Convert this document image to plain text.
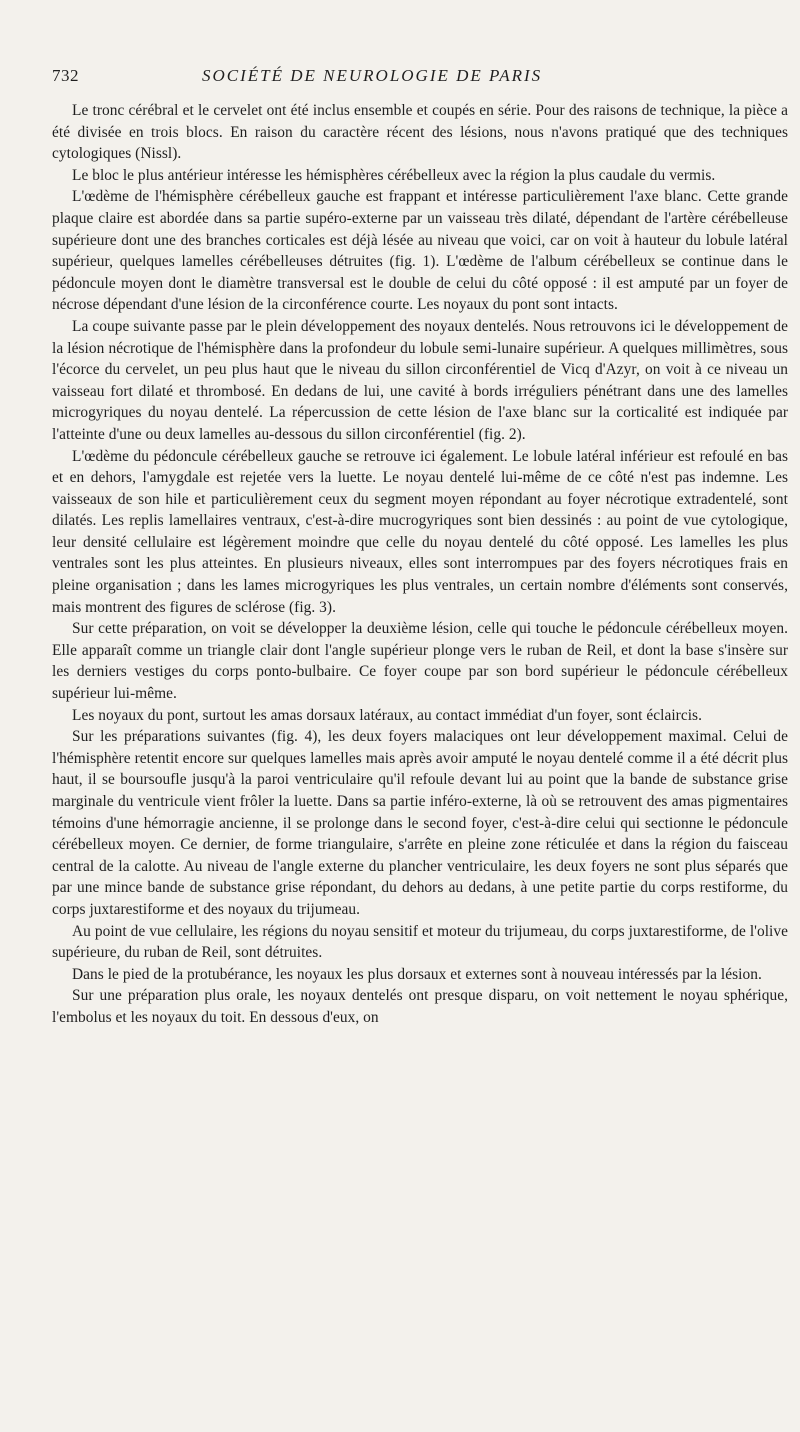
732	SOCIÉTÉ DE NEUROLOGIE DE PARIS

Le tronc cérébral et le cervelet ont été inclus ensemble et coupés en série. Pour des raisons de technique, la pièce a été divisée en trois blocs. En raison du caractère récent des lésions, nous n'avons pratiqué que des techniques cytologiques (Nissl).

Le bloc le plus antérieur intéresse les hémisphères cérébelleux avec la région la plus caudale du vermis.

L'œdème de l'hémisphère cérébelleux gauche est frappant et intéresse particulièrement l'axe blanc. Cette grande plaque claire est abordée dans sa partie supéro-externe par un vaisseau très dilaté, dépendant de l'artère cérébelleuse supérieure dont une des branches corticales est déjà lésée au niveau que voici, car on voit à hauteur du lobule latéral supérieur, quelques lamelles cérébelleuses détruites (fig. 1). L'œdème de l'album cérébelleux se continue dans le pédoncule moyen dont le diamètre transversal est le double de celui du côté opposé : il est amputé par un foyer de nécrose dépendant d'une lésion de la circonférence courte. Les noyaux du pont sont intacts.

La coupe suivante passe par le plein développement des noyaux dentelés. Nous retrouvons ici le développement de la lésion nécrotique de l'hémisphère dans la profondeur du lobule semi-lunaire supérieur. A quelques millimètres, sous l'écorce du cervelet, un peu plus haut que le niveau du sillon circonférentiel de Vicq d'Azyr, on voit à ce niveau un vaisseau fort dilaté et thrombosé. En dedans de lui, une cavité à bords irréguliers pénétrant dans une des lamelles microgyriques du noyau dentelé. La répercussion de cette lésion de l'axe blanc sur la corticalité est indiquée par l'atteinte d'une ou deux lamelles au-dessous du sillon circonférentiel (fig. 2).

L'œdème du pédoncule cérébelleux gauche se retrouve ici également. Le lobule latéral inférieur est refoulé en bas et en dehors, l'amygdale est rejetée vers la luette. Le noyau dentelé lui-même de ce côté n'est pas indemne. Les vaisseaux de son hile et particulièrement ceux du segment moyen répondant au foyer nécrotique extradentelé, sont dilatés. Les replis lamellaires ventraux, c'est-à-dire mucrogyriques sont bien dessinés : au point de vue cytologique, leur densité cellulaire est légèrement moindre que celle du noyau dentelé du côté opposé. Les lamelles les plus ventrales sont les plus atteintes. En plusieurs niveaux, elles sont interrompues par des foyers nécrotiques frais en pleine organisation ; dans les lames microgyriques les plus ventrales, un certain nombre d'éléments sont conservés, mais montrent des figures de sclérose (fig. 3).

Sur cette préparation, on voit se développer la deuxième lésion, celle qui touche le pédoncule cérébelleux moyen. Elle apparaît comme un triangle clair dont l'angle supérieur plonge vers le ruban de Reil, et dont la base s'insère sur les derniers vestiges du corps ponto-bulbaire. Ce foyer coupe par son bord supérieur le pédoncule cérébelleux supérieur lui-même.

Les noyaux du pont, surtout les amas dorsaux latéraux, au contact immédiat d'un foyer, sont éclaircis.

Sur les préparations suivantes (fig. 4), les deux foyers malaciques ont leur développement maximal. Celui de l'hémisphère retentit encore sur quelques lamelles mais après avoir amputé le noyau dentelé comme il a été décrit plus haut, il se boursoufle jusqu'à la paroi ventriculaire qu'il refoule devant lui au point que la bande de substance grise marginale du ventricule vient frôler la luette. Dans sa partie inféro-externe, là où se retrouvent des amas pigmentaires témoins d'une hémorragie ancienne, il se prolonge dans le second foyer, c'est-à-dire celui qui sectionne le pédoncule cérébelleux moyen. Ce dernier, de forme triangulaire, s'arrête en pleine zone réticulée et dans la région du faisceau central de la calotte. Au niveau de l'angle externe du plancher ventriculaire, les deux foyers ne sont plus séparés que par une mince bande de substance grise répondant, du dehors au dedans, à une petite partie du corps restiforme, du corps juxtarestiforme et des noyaux du trijumeau.

Au point de vue cellulaire, les régions du noyau sensitif et moteur du trijumeau, du corps juxtarestiforme, de l'olive supérieure, du ruban de Reil, sont détruites.

Dans le pied de la protubérance, les noyaux les plus dorsaux et externes sont à nouveau intéressés par la lésion.

Sur une préparation plus orale, les noyaux dentelés ont presque disparu, on voit nettement le noyau sphérique, l'embolus et les noyaux du toit. En dessous d'eux, on
